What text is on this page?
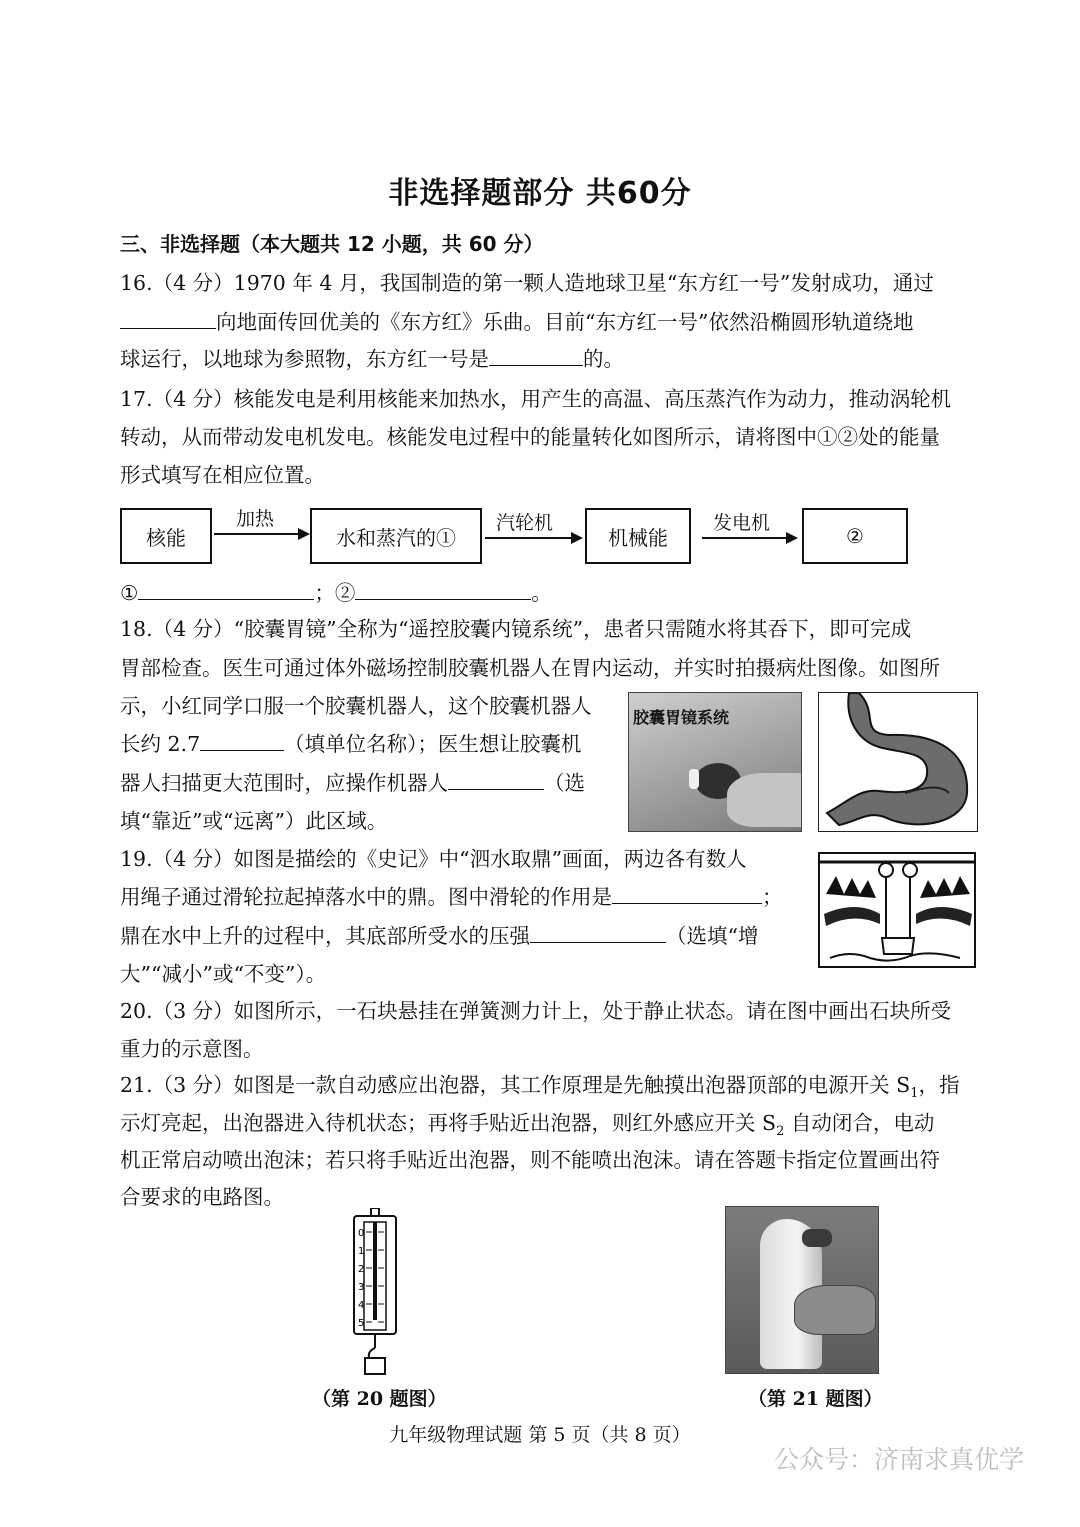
非选择题部分 共60分
三、非选择题（本大题共 12 小题，共 60 分）
16.（4 分）1970 年 4 月，我国制造的第一颗人造地球卫星“东方红一号”发射成功，通过
向地面传回优美的《东方红》乐曲。目前“东方红一号”依然沿椭圆形轨道绕地
球运行，以地球为参照物，东方红一号是	的。
17.（4 分）核能发电是利用核能来加热水，用产生的高温、高压蒸汽作为动力，推动涡轮机
转动，从而带动发电机发电。核能发电过程中的能量转化如图所示，请将图中①②处的能量
形式填写在相应位置。
核能	水和蒸汽的①	机械能	②
加热	汽轮机	发电机
①	；②	。
18.（4 分）“胶囊胃镜”全称为“遥控胶囊内镜系统”，患者只需随水将其吞下，即可完成
胃部检查。医生可通过体外磁场控制胶囊机器人在胃内运动，并实时拍摄病灶图像。如图所
示，小红同学口服一个胶囊机器人，这个胶囊机器人
长约 2.7	（填单位名称）；医生想让胶囊机
器人扫描更大范围时，应操作机器人	（选
填“靠近”或“远离”）此区域。
胶囊胃镜系统
19.（4 分）如图是描绘的《史记》中“泗水取鼎”画面，两边各有数人
用绳子通过滑轮拉起掉落水中的鼎。图中滑轮的作用是	；
鼎在水中上升的过程中，其底部所受水的压强	（选填“增
大”“减小”或“不变”）。
20.（3 分）如图所示，一石块悬挂在弹簧测力计上，处于静止状态。请在图中画出石块所受
重力的示意图。
21.（3 分）如图是一款自动感应出泡器，其工作原理是先触摸出泡器顶部的电源开关 $S_1$，指
示灯亮起，出泡器进入待机状态；再将手贴近出泡器，则红外感应开关 $S_2$ 自动闭合，电动
机正常启动喷出泡沫；若只将手贴近出泡器，则不能喷出泡沫。请在答题卡指定位置画出符
合要求的电路图。
0
1
2
3
4
5
（第 20 题图）	（第 21 题图）
九年级物理试题 第 5 页（共 8 页）
公众号：济南求真优学
